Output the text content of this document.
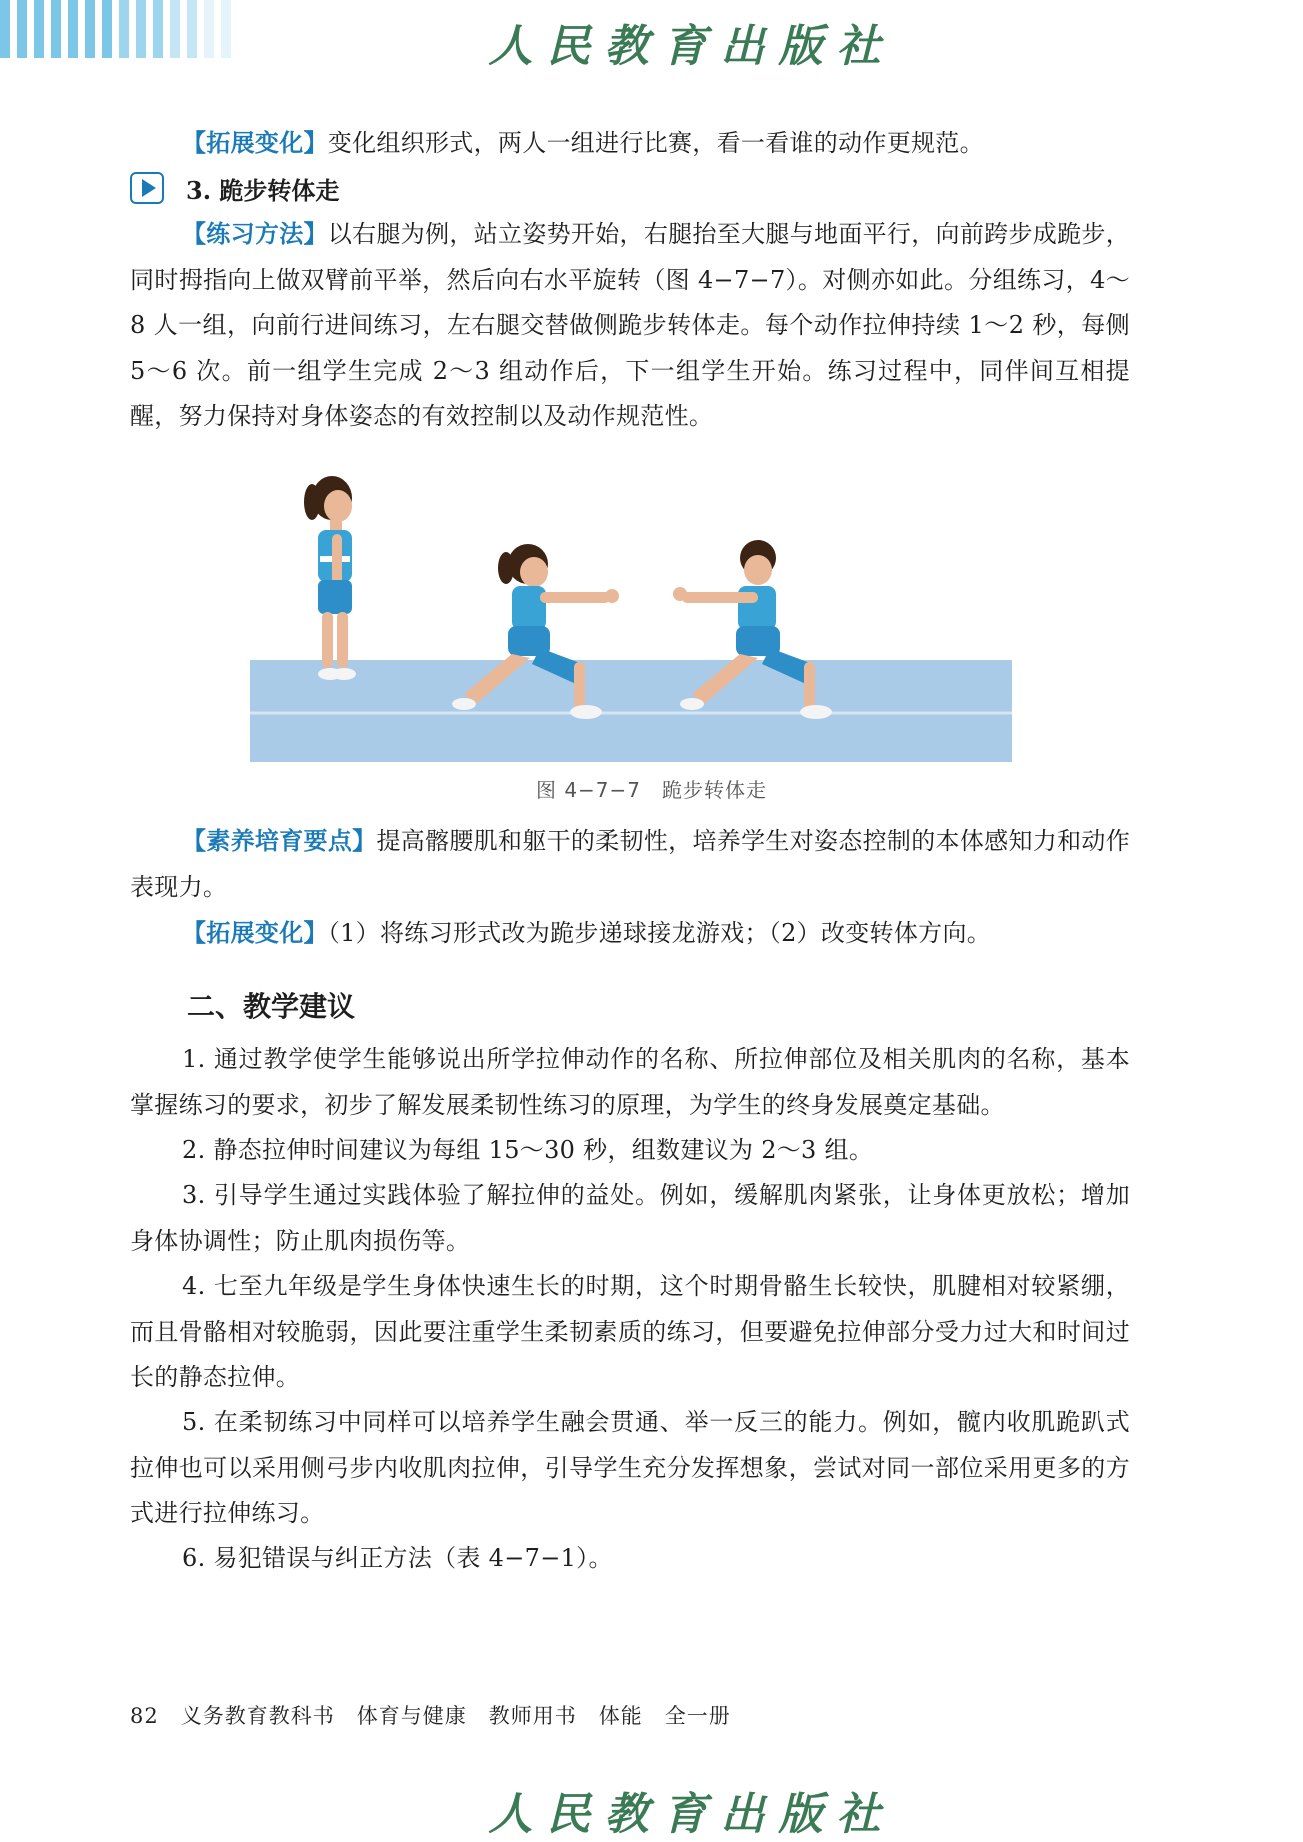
人民教育出版社
【拓展变化】变化组织形式，两人一组进行比赛，看一看谁的动作更规范。
3. 跪步转体走
【练习方法】以右腿为例，站立姿势开始，右腿抬至大腿与地面平行，向前跨步成跪步，同时拇指向上做双臂前平举，然后向右水平旋转（图 4−7−7）。对侧亦如此。分组练习，4～8 人一组，向前行进间练习，左右腿交替做侧跪步转体走。每个动作拉伸持续 1～2 秒，每侧 5～6 次。前一组学生完成 2～3 组动作后，下一组学生开始。练习过程中，同伴间互相提醒，努力保持对身体姿态的有效控制以及动作规范性。
图 4−7−7　跪步转体走
【素养培育要点】提高髂腰肌和躯干的柔韧性，培养学生对姿态控制的本体感知力和动作表现力。
【拓展变化】（1）将练习形式改为跪步递球接龙游戏；（2）改变转体方向。
二、教学建议
1. 通过教学使学生能够说出所学拉伸动作的名称、所拉伸部位及相关肌肉的名称，基本掌握练习的要求，初步了解发展柔韧性练习的原理，为学生的终身发展奠定基础。
2. 静态拉伸时间建议为每组 15～30 秒，组数建议为 2～3 组。
3. 引导学生通过实践体验了解拉伸的益处。例如，缓解肌肉紧张，让身体更放松；增加身体协调性；防止肌肉损伤等。
4. 七至九年级是学生身体快速生长的时期，这个时期骨骼生长较快，肌腱相对较紧绷，而且骨骼相对较脆弱，因此要注重学生柔韧素质的练习，但要避免拉伸部分受力过大和时间过长的静态拉伸。
5. 在柔韧练习中同样可以培养学生融会贯通、举一反三的能力。例如，髋内收肌跪趴式拉伸也可以采用侧弓步内收肌肉拉伸，引导学生充分发挥想象，尝试对同一部位采用更多的方式进行拉伸练习。
6. 易犯错误与纠正方法（表 4−7−1）。
82 义务教育教科书 体育与健康 教师用书 体能 全一册
人民教育出版社
